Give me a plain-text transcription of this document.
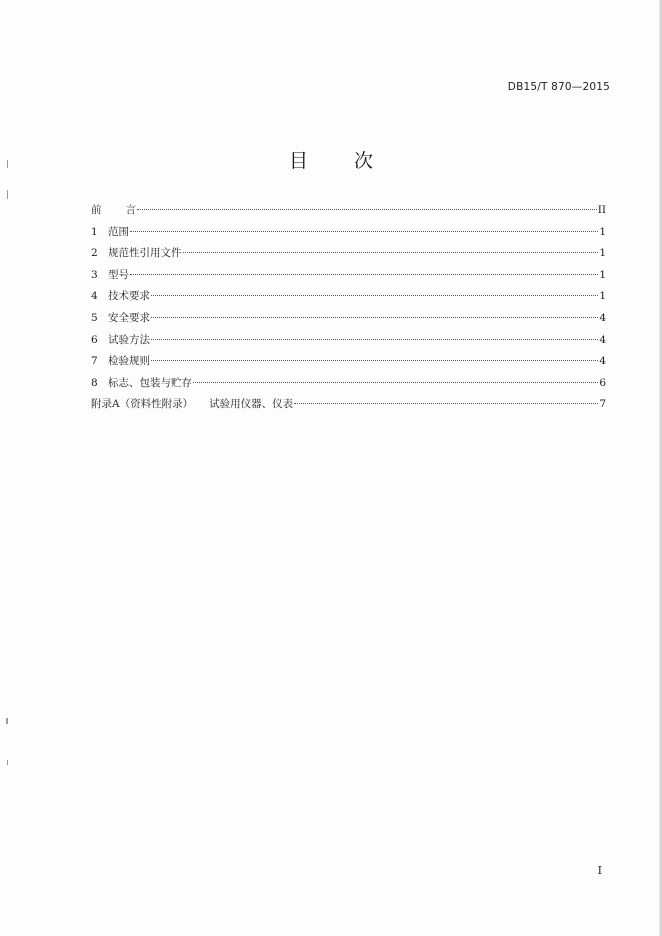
DB15/T 870—2015
目 次
前 言	II
1 范围	1
2 规范性引用文件	1
3 型号	1
4 技术要求	1
5 安全要求	4
6 试验方法	4
7 检验规则	4
8 标志、包装与贮存	6
附录A（资料性附录） 试验用仪器、仪表	7
I
